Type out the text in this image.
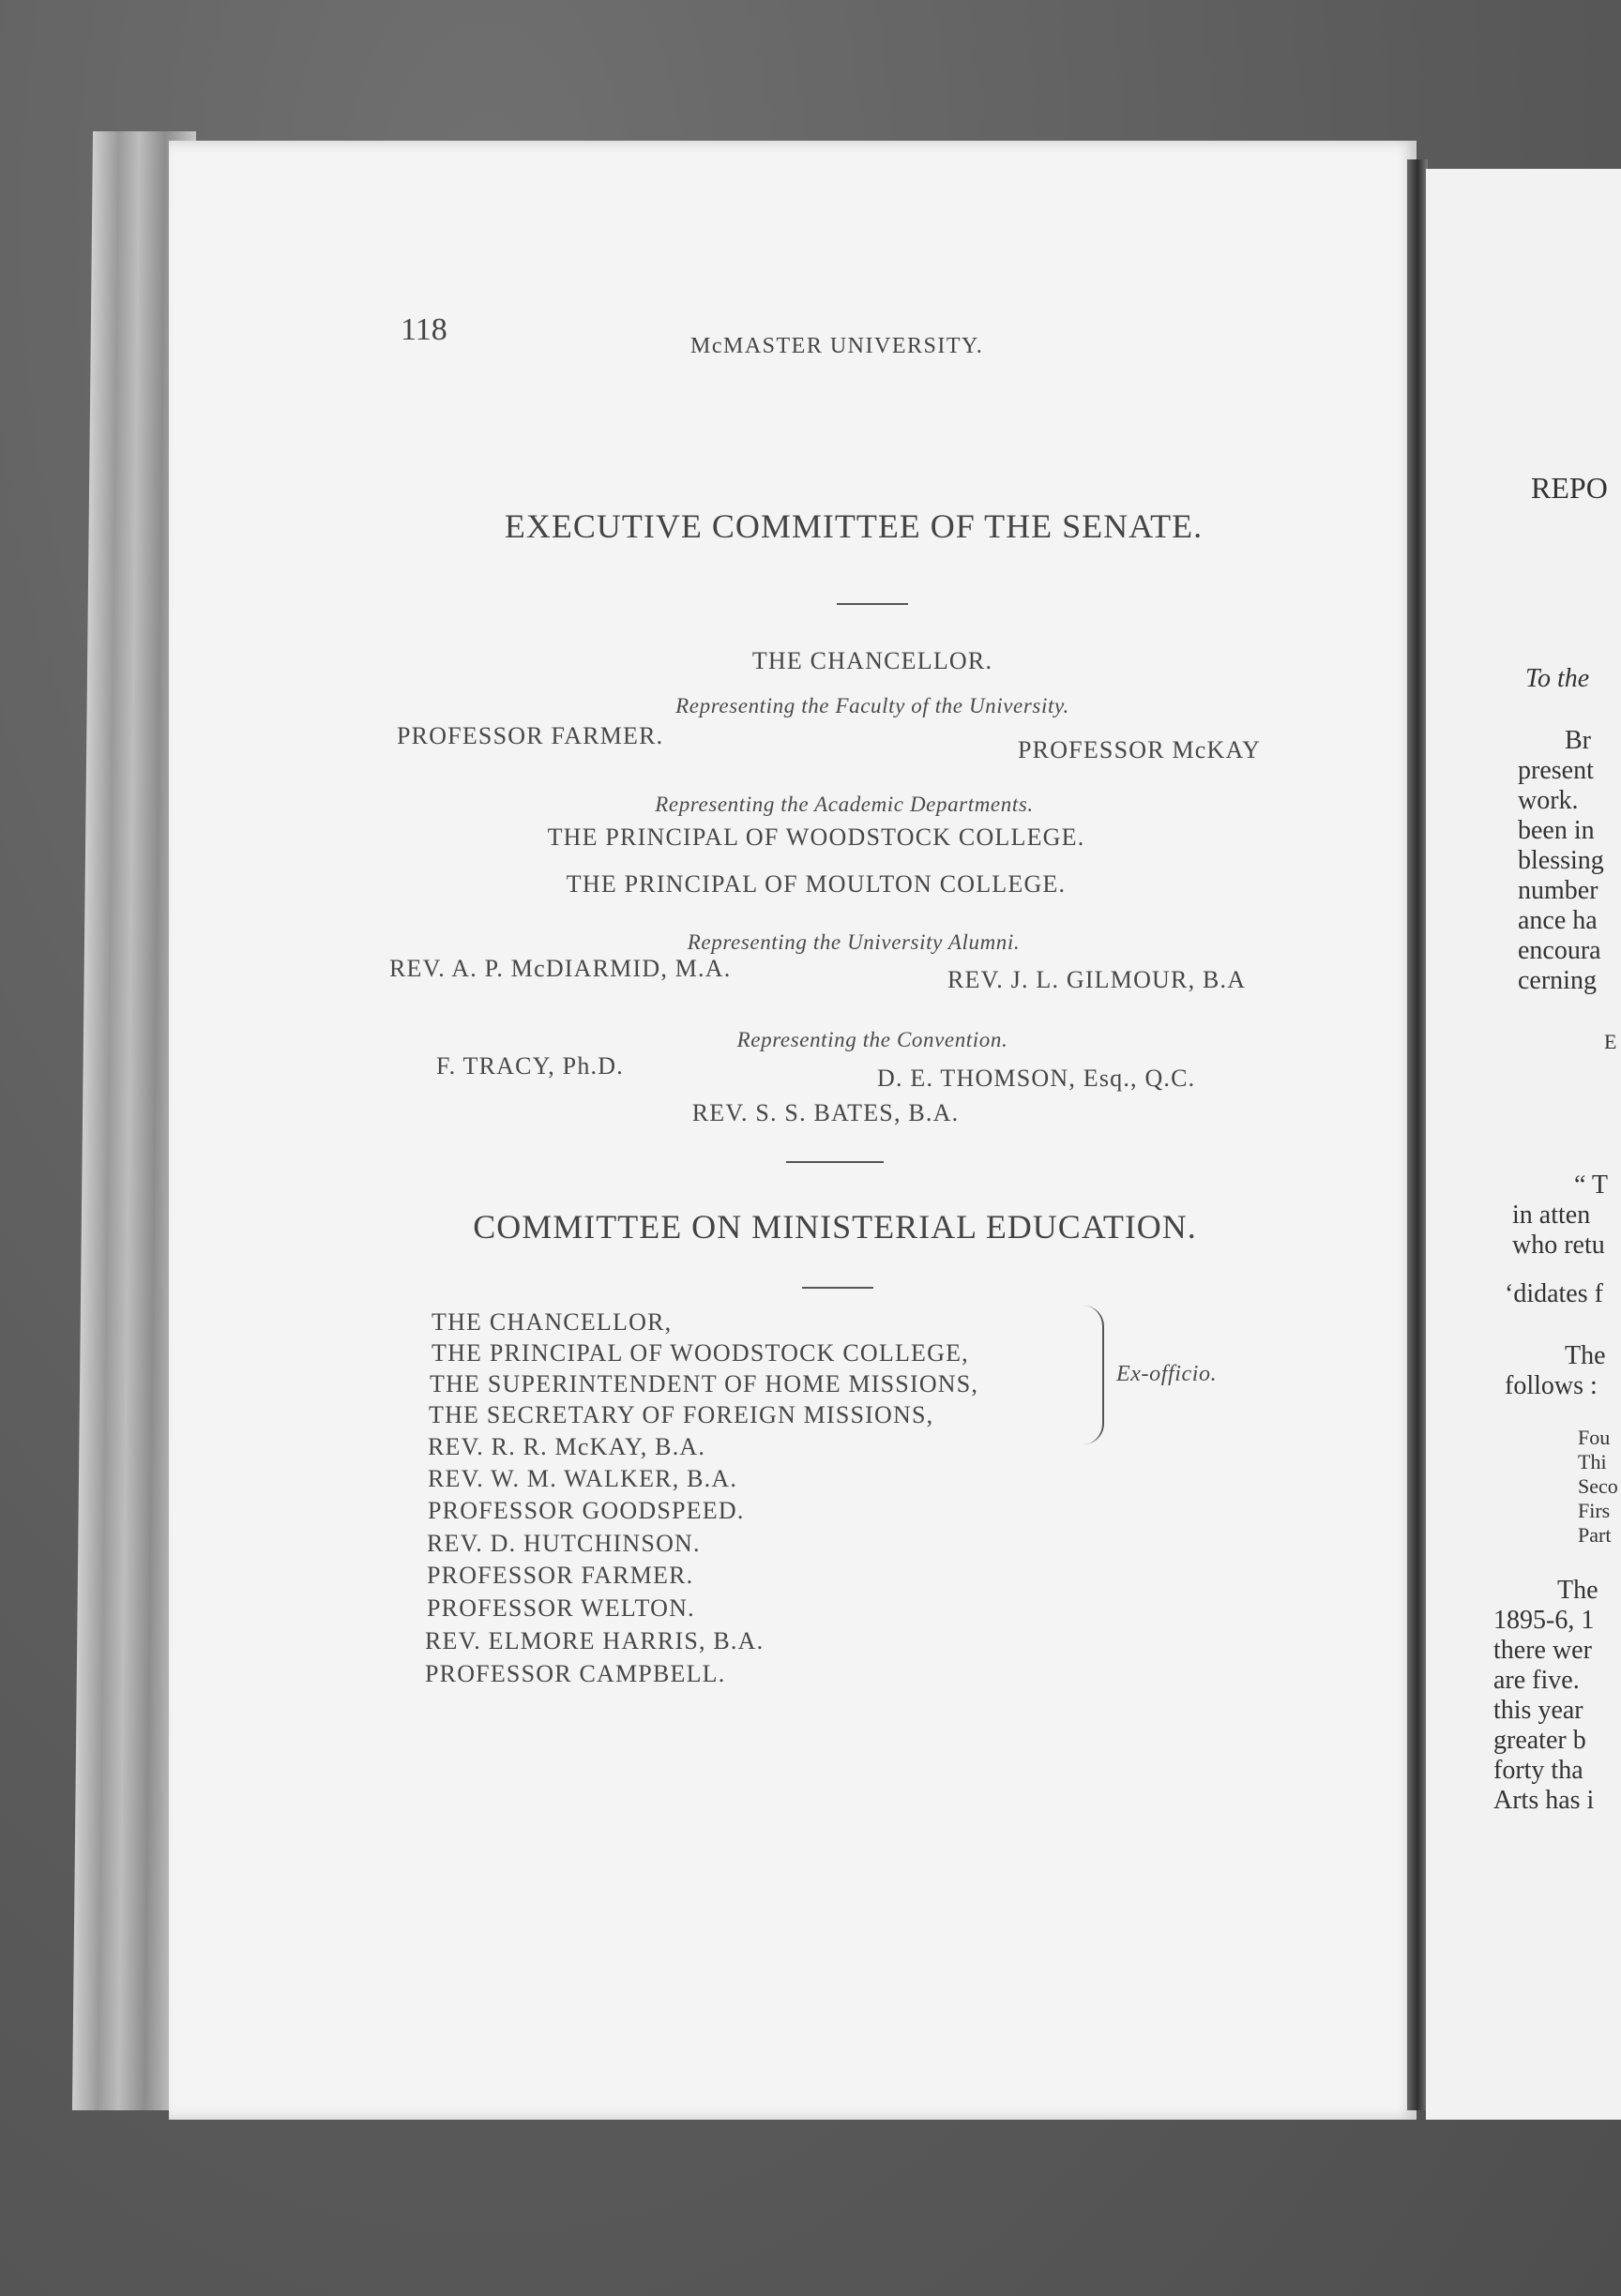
118	McMASTER UNIVERSITY.
EXECUTIVE COMMITTEE OF THE SENATE.
THE CHANCELLOR.
Representing the Faculty of the University.
PROFESSOR FARMER.
PROFESSOR McKAY
Representing the Academic Departments.
THE PRINCIPAL OF WOODSTOCK COLLEGE.
THE PRINCIPAL OF MOULTON COLLEGE.
Representing the University Alumni.
REV. A. P. McDIARMID, M.A.	REV. J. L. GILMOUR, B.A
Representing the Convention.
F. TRACY, Ph.D.	D. E. THOMSON, Esq., Q.C.
REV. S. S. BATES, B.A.
COMMITTEE ON MINISTERIAL EDUCATION.
THE CHANCELLOR,
THE PRINCIPAL OF WOODSTOCK COLLEGE,
THE SUPERINTENDENT OF HOME MISSIONS,
THE SECRETARY OF FOREIGN MISSIONS,
Ex-officio.
REV. R. R. McKAY, B.A.
REV. W. M. WALKER, B.A.
PROFESSOR GOODSPEED.
REV. D. HUTCHINSON.
PROFESSOR FARMER.
PROFESSOR WELTON.
REV. ELMORE HARRIS, B.A.
PROFESSOR CAMPBELL.
REPO
To the
Br
present
work.
been in
blessing
number
ance ha
encoura
cerning
E
“ T
in atten
who retu
‘didates f
The
follows :
Fou
Thi
Seco
Firs
Part
The
1895-6, 1
there wer
are five.
this year
greater b
forty tha
Arts has i
